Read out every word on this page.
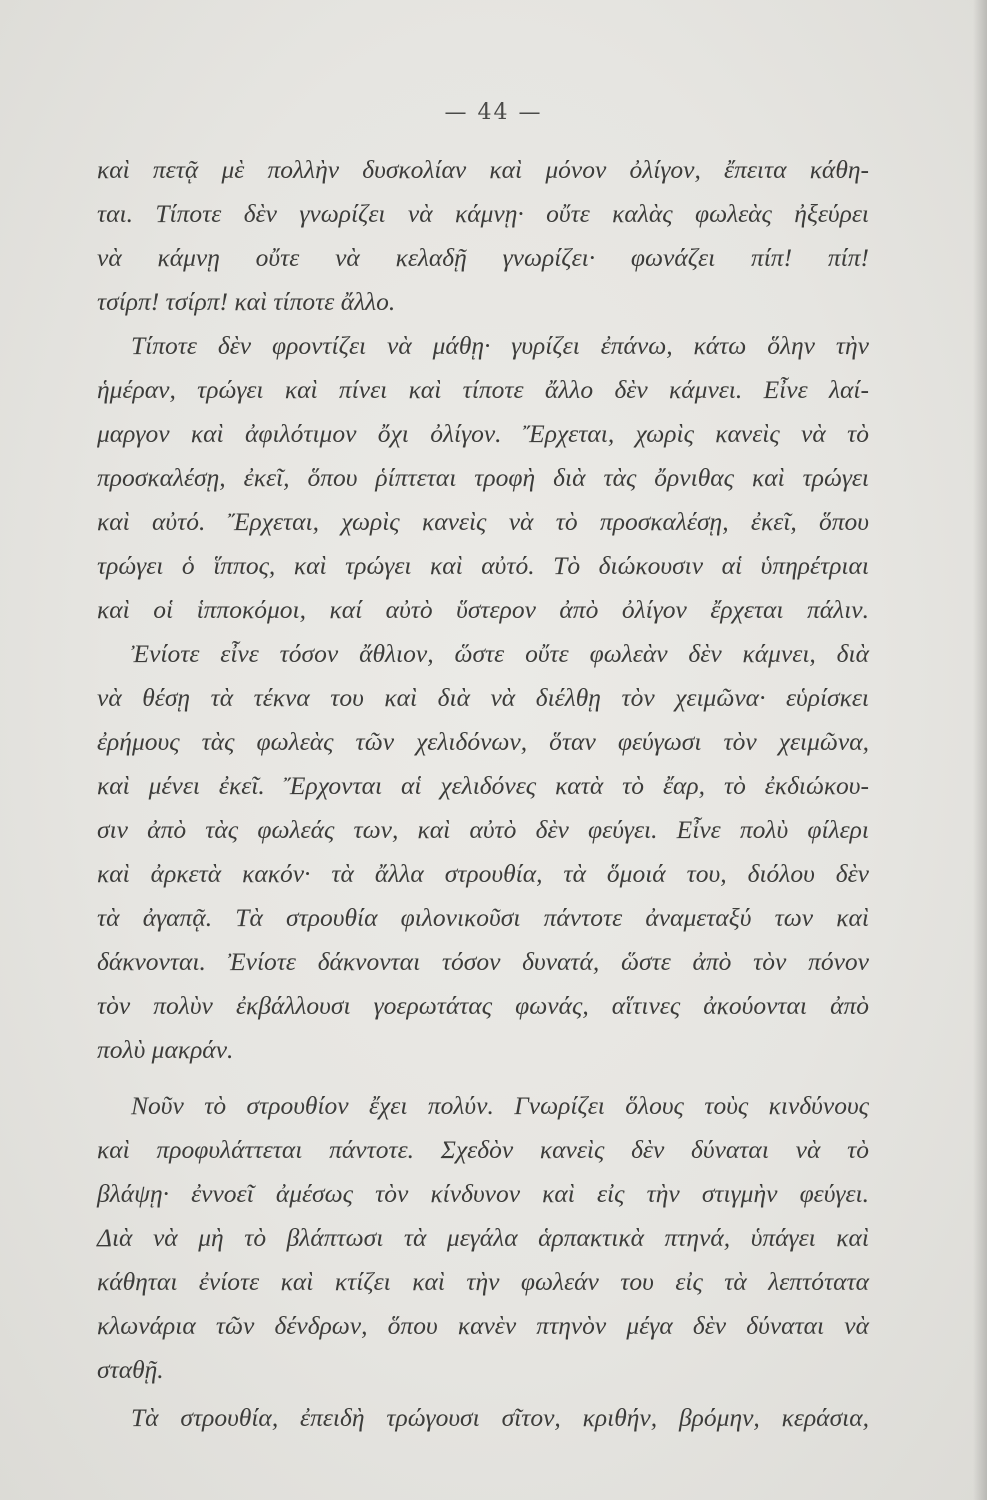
— 44 —
καὶ πετᾷ μὲ πολλὴν δυσκολίαν καὶ μόνον ὀλίγον, ἔπειτα κάθη-
ται. Τίποτε δὲν γνωρίζει νὰ κάμνῃ· οὔτε καλὰς φωλεὰς ἠξεύρει
νὰ κάμνῃ οὔτε νὰ κελαδῇ γνωρίζει· φωνάζει πίπ! πίπ!
τσίρπ! τσίρπ! καὶ τίποτε ἄλλο.
Τίποτε δὲν φροντίζει νὰ μάθῃ· γυρίζει ἐπάνω, κάτω ὅλην τὴν
ἡμέραν, τρώγει καὶ πίνει καὶ τίποτε ἄλλο δὲν κάμνει. Εἶνε λαί-
μαργον καὶ ἀφιλότιμον ὄχι ὀλίγον. Ἔρχεται, χωρὶς κανεὶς νὰ τὸ
προσκαλέσῃ, ἐκεῖ, ὅπου ῥίπτεται τροφὴ διὰ τὰς ὄρνιθας καὶ τρώγει
καὶ αὐτό. Ἔρχεται, χωρὶς κανεὶς νὰ τὸ προσκαλέσῃ, ἐκεῖ, ὅπου
τρώγει ὁ ἵππος, καὶ τρώγει καὶ αὐτό. Τὸ διώκουσιν αἱ ὑπηρέτριαι
καὶ οἱ ἱπποκόμοι, καί αὐτὸ ὕστερον ἀπὸ ὀλίγον ἔρχεται πάλιν.
Ἐνίοτε εἶνε τόσον ἄθλιον, ὥστε οὔτε φωλεὰν δὲν κάμνει, διὰ
νὰ θέσῃ τὰ τέκνα του καὶ διὰ νὰ διέλθῃ τὸν χειμῶνα· εὑρίσκει
ἐρήμους τὰς φωλεὰς τῶν χελιδόνων, ὅταν φεύγωσι τὸν χειμῶνα,
καὶ μένει ἐκεῖ. Ἔρχονται αἱ χελιδόνες κατὰ τὸ ἔαρ, τὸ ἐκδιώκου-
σιν ἀπὸ τὰς φωλεάς των, καὶ αὐτὸ δὲν φεύγει. Εἶνε πολὺ φίλερι
καὶ ἀρκετὰ κακόν· τὰ ἄλλα στρουθία, τὰ ὅμοιά του, διόλου δὲν
τὰ ἀγαπᾷ. Τὰ στρουθία φιλονικοῦσι πάντοτε ἀναμεταξύ των καὶ
δάκνονται. Ἐνίοτε δάκνονται τόσον δυνατά, ὥστε ἀπὸ τὸν πόνον
τὸν πολὺν ἐκβάλλουσι γοερωτάτας φωνάς, αἵτινες ἀκούονται ἀπὸ
πολὺ μακράν.
Νοῦν τὸ στρουθίον ἔχει πολύν. Γνωρίζει ὅλους τοὺς κινδύνους
καὶ προφυλάττεται πάντοτε. Σχεδὸν κανεὶς δὲν δύναται νὰ τὸ
βλάψῃ· ἐννοεῖ ἀμέσως τὸν κίνδυνον καὶ εἰς τὴν στιγμὴν φεύγει.
Διὰ νὰ μὴ τὸ βλάπτωσι τὰ μεγάλα ἁρπακτικὰ πτηνά, ὑπάγει καὶ
κάθηται ἐνίοτε καὶ κτίζει καὶ τὴν φωλεάν του εἰς τὰ λεπτότατα
κλωνάρια τῶν δένδρων, ὅπου κανὲν πτηνὸν μέγα δὲν δύναται νὰ
σταθῇ.
Τὰ στρουθία, ἐπειδὴ τρώγουσι σῖτον, κριθήν, βρόμην, κεράσια,
